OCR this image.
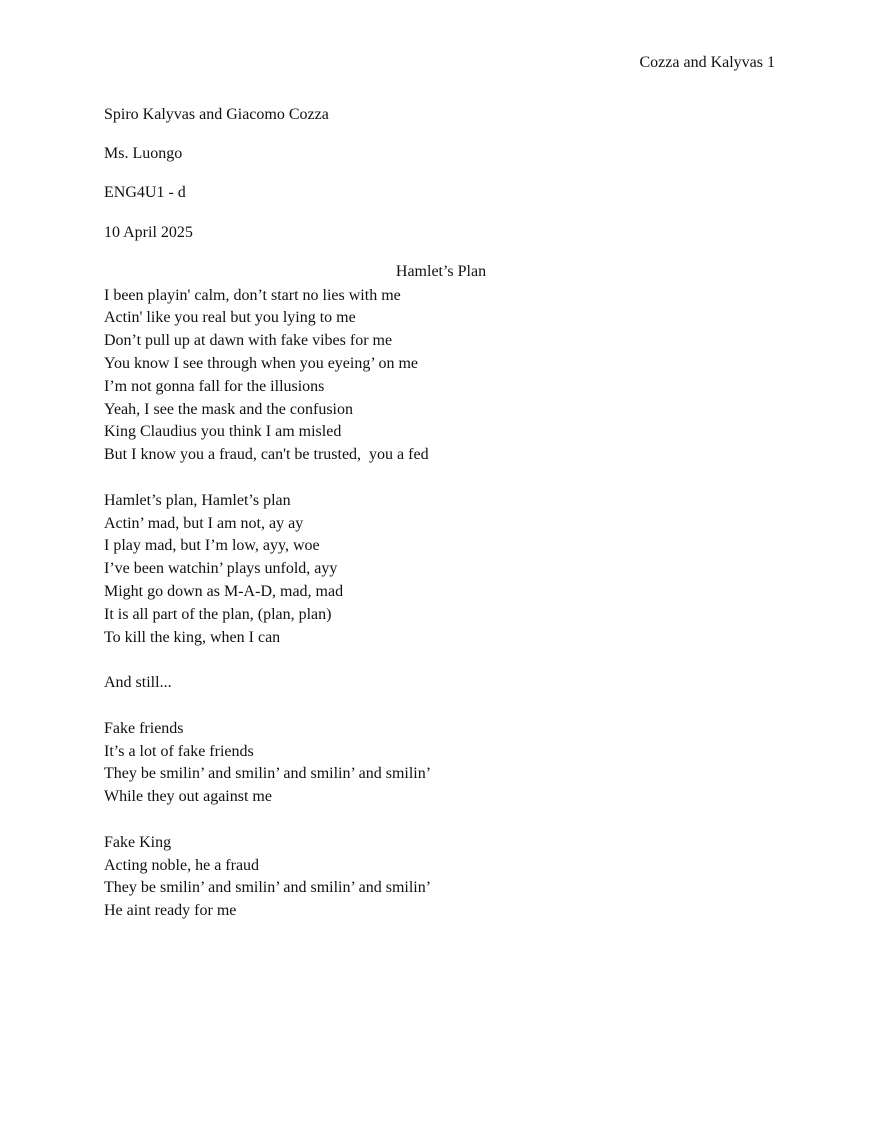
Cozza and Kalyvas 1
Spiro Kalyvas and Giacomo Cozza
Ms. Luongo
ENG4U1 - d
10 April 2025
Hamlet’s Plan
I been playin' calm, don’t start no lies with me
Actin' like you real but you lying to me
Don’t pull up at dawn with fake vibes for me
You know I see through when you eyeing’ on me
I’m not gonna fall for the illusions
Yeah, I see the mask and the confusion
King Claudius you think I am misled
But I know you a fraud, can't be trusted,  you a fed
Hamlet’s plan, Hamlet’s plan
Actin’ mad, but I am not, ay ay
I play mad, but I’m low, ayy, woe
I’ve been watchin’ plays unfold, ayy
Might go down as M-A-D, mad, mad
It is all part of the plan, (plan, plan)
To kill the king, when I can
And still...
Fake friends
It’s a lot of fake friends
They be smilin’ and smilin’ and smilin’ and smilin’
While they out against me
Fake King
Acting noble, he a fraud
They be smilin’ and smilin’ and smilin’ and smilin’
He aint ready for me
